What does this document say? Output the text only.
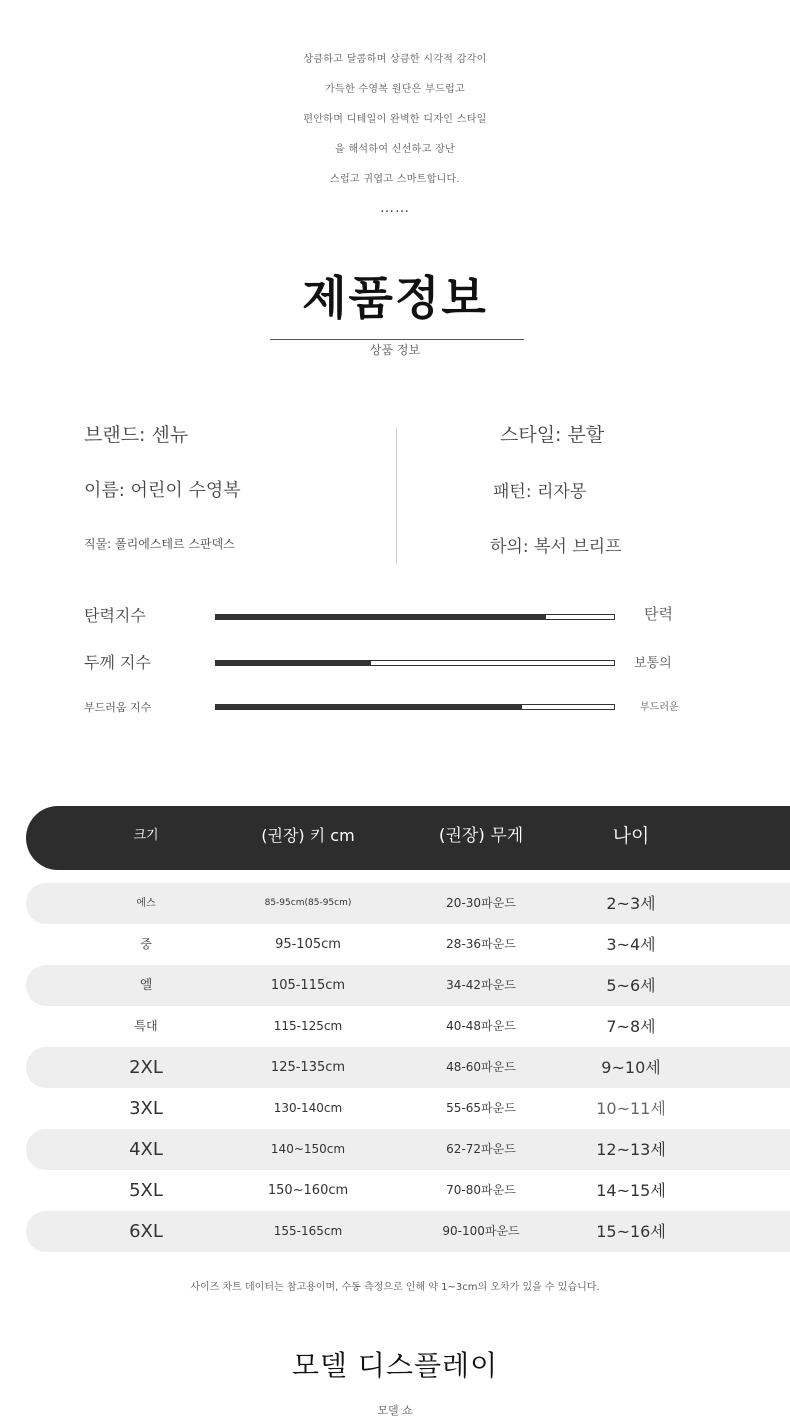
상큼하고 달콤하며 상큼한 시각적 감각이
가득한 수영복 원단은 부드럽고
편안하며 디테일이 완벽한 디자인 스타일
을 해석하여 신선하고 장난
스럽고 귀엽고 스마트합니다.
……
제품정보
상품 정보
브랜드: 센뉴	스타일: 분할
이름: 어린이 수영복	패턴: 리자몽
직물: 폴리에스테르 스판덱스	하의: 복서 브리프
탄력지수	탄력
두께 지수	보통의
부드러움 지수	부드러운
크기	(권장) 키 cm	(권장) 무게	나이
에스	85-95cm(85-95cm)	20-30파운드	2~3세
중	95-105cm	28-36파운드	3~4세
엘	105-115cm	34-42파운드	5~6세
특대	115-125cm	40-48파운드	7~8세
2XL	125-135cm	48-60파운드	9~10세
3XL	130-140cm	55-65파운드	10~11세
4XL	140~150cm	62-72파운드	12~13세
5XL	150~160cm	70-80파운드	14~15세
6XL	155-165cm	90-100파운드	15~16세
사이즈 차트 데이터는 참고용이며, 수동 측정으로 인해 약 1~3cm의 오차가 있을 수 있습니다.
모델 디스플레이
모델 쇼
